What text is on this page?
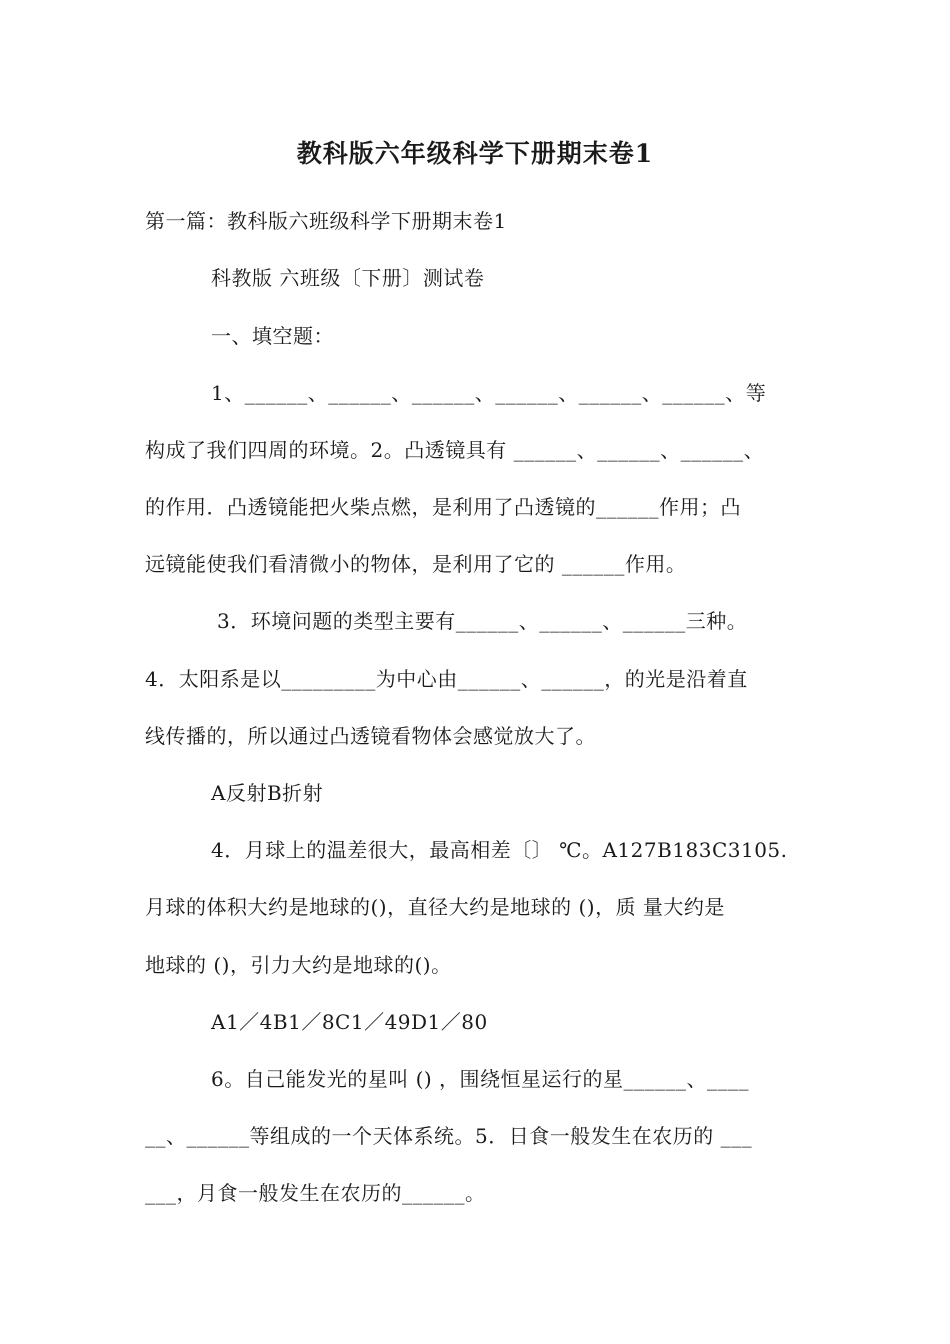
教科版六年级科学下册期末卷1
第一篇：教科版六班级科学下册期末卷1
科教版 六班级〔下册〕测试卷
一、填空题：
1、______、______、______、______、______、______、等
构成了我们四周的环境。2。凸透镜具有 ______、______、______、
的作用．凸透镜能把火柴点燃，是利用了凸透镜的______作用；凸
远镜能使我们看清微小的物体，是利用了它的 ______作用。
3．环境问题的类型主要有______、______、______三种。
4．太阳系是以_________为中心由______、______，的光是沿着直
线传播的，所以通过凸透镜看物体会感觉放大了。
A反射B折射
4．月球上的温差很大，最高相差〔〕 ℃。A127B183C3105.
月球的体积大约是地球的()，直径大约是地球的 ()，质 量大约是
地球的 ()，引力大约是地球的()。
A1／4B1／8C1／49D1／80
6。自己能发光的星叫 () ，围绕恒星运行的星______、____
__、______等组成的一个天体系统。5．日食一般发生在农历的 ___
___，月食一般发生在农历的______。
